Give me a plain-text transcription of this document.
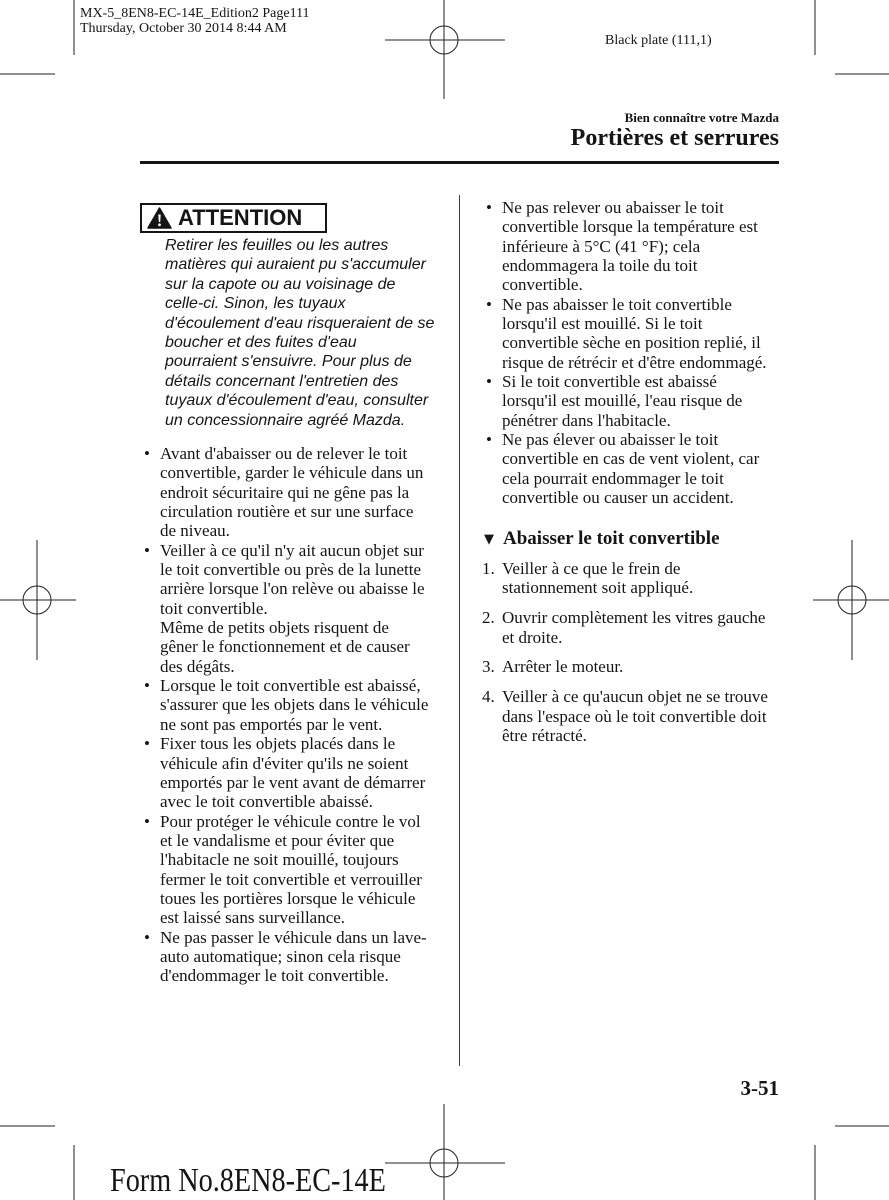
MX-5_8EN8-EC-14E_Edition2 Page111
Thursday, October 30 2014 8:44 AM
Black plate (111,1)
Bien connaître votre Mazda
Portières et serrures
ATTENTION
Retirer les feuilles ou les autres
matières qui auraient pu s'accumuler
sur la capote ou au voisinage de
celle-ci. Sinon, les tuyaux
d'écoulement d'eau risqueraient de se
boucher et des fuites d'eau
pourraient s'ensuivre. Pour plus de
détails concernant l'entretien des
tuyaux d'écoulement d'eau, consulter
un concessionnaire agréé Mazda.
• Avant d'abaisser ou de relever le toit
convertible, garder le véhicule dans un
endroit sécuritaire qui ne gêne pas la
circulation routière et sur une surface
de niveau.
• Veiller à ce qu'il n'y ait aucun objet sur
le toit convertible ou près de la lunette
arrière lorsque l'on relève ou abaisse le
toit convertible.
Même de petits objets risquent de
gêner le fonctionnement et de causer
des dégâts.
• Lorsque le toit convertible est abaissé,
s'assurer que les objets dans le véhicule
ne sont pas emportés par le vent.
• Fixer tous les objets placés dans le
véhicule afin d'éviter qu'ils ne soient
emportés par le vent avant de démarrer
avec le toit convertible abaissé.
• Pour protéger le véhicule contre le vol
et le vandalisme et pour éviter que
l'habitacle ne soit mouillé, toujours
fermer le toit convertible et verrouiller
toues les portières lorsque le véhicule
est laissé sans surveillance.
• Ne pas passer le véhicule dans un lave-
auto automatique; sinon cela risque
d'endommager le toit convertible.
• Ne pas relever ou abaisser le toit
convertible lorsque la température est
inférieure à 5°C (41 °F); cela
endommagera la toile du toit
convertible.
• Ne pas abaisser le toit convertible
lorsqu'il est mouillé. Si le toit
convertible sèche en position replié, il
risque de rétrécir et d'être endommagé.
• Si le toit convertible est abaissé
lorsqu'il est mouillé, l'eau risque de
pénétrer dans l'habitacle.
• Ne pas élever ou abaisser le toit
convertible en cas de vent violent, car
cela pourrait endommager le toit
convertible ou causer un accident.
▼ Abaisser le toit convertible
1. Veiller à ce que le frein de
stationnement soit appliqué.
2. Ouvrir complètement les vitres gauche
et droite.
3. Arrêter le moteur.
4. Veiller à ce qu'aucun objet ne se trouve
dans l'espace où le toit convertible doit
être rétracté.
3-51
Form No.8EN8-EC-14E
